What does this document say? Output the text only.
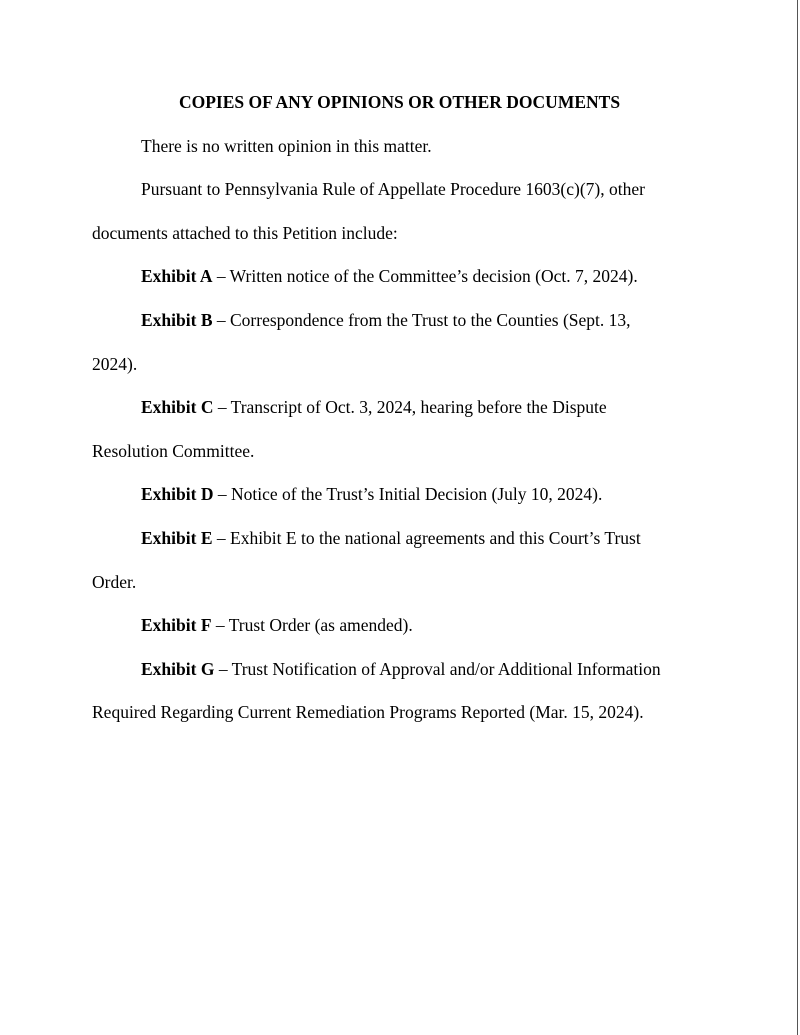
COPIES OF ANY OPINIONS OR OTHER DOCUMENTS
There is no written opinion in this matter.
Pursuant to Pennsylvania Rule of Appellate Procedure 1603(c)(7), other
documents attached to this Petition include:
Exhibit A – Written notice of the Committee’s decision (Oct. 7, 2024).
Exhibit B – Correspondence from the Trust to the Counties (Sept. 13,
2024).
Exhibit C – Transcript of Oct. 3, 2024, hearing before the Dispute
Resolution Committee.
Exhibit D – Notice of the Trust’s Initial Decision (July 10, 2024).
Exhibit E – Exhibit E to the national agreements and this Court’s Trust
Order.
Exhibit F – Trust Order (as amended).
Exhibit G – Trust Notification of Approval and/or Additional Information
Required Regarding Current Remediation Programs Reported (Mar. 15, 2024).
